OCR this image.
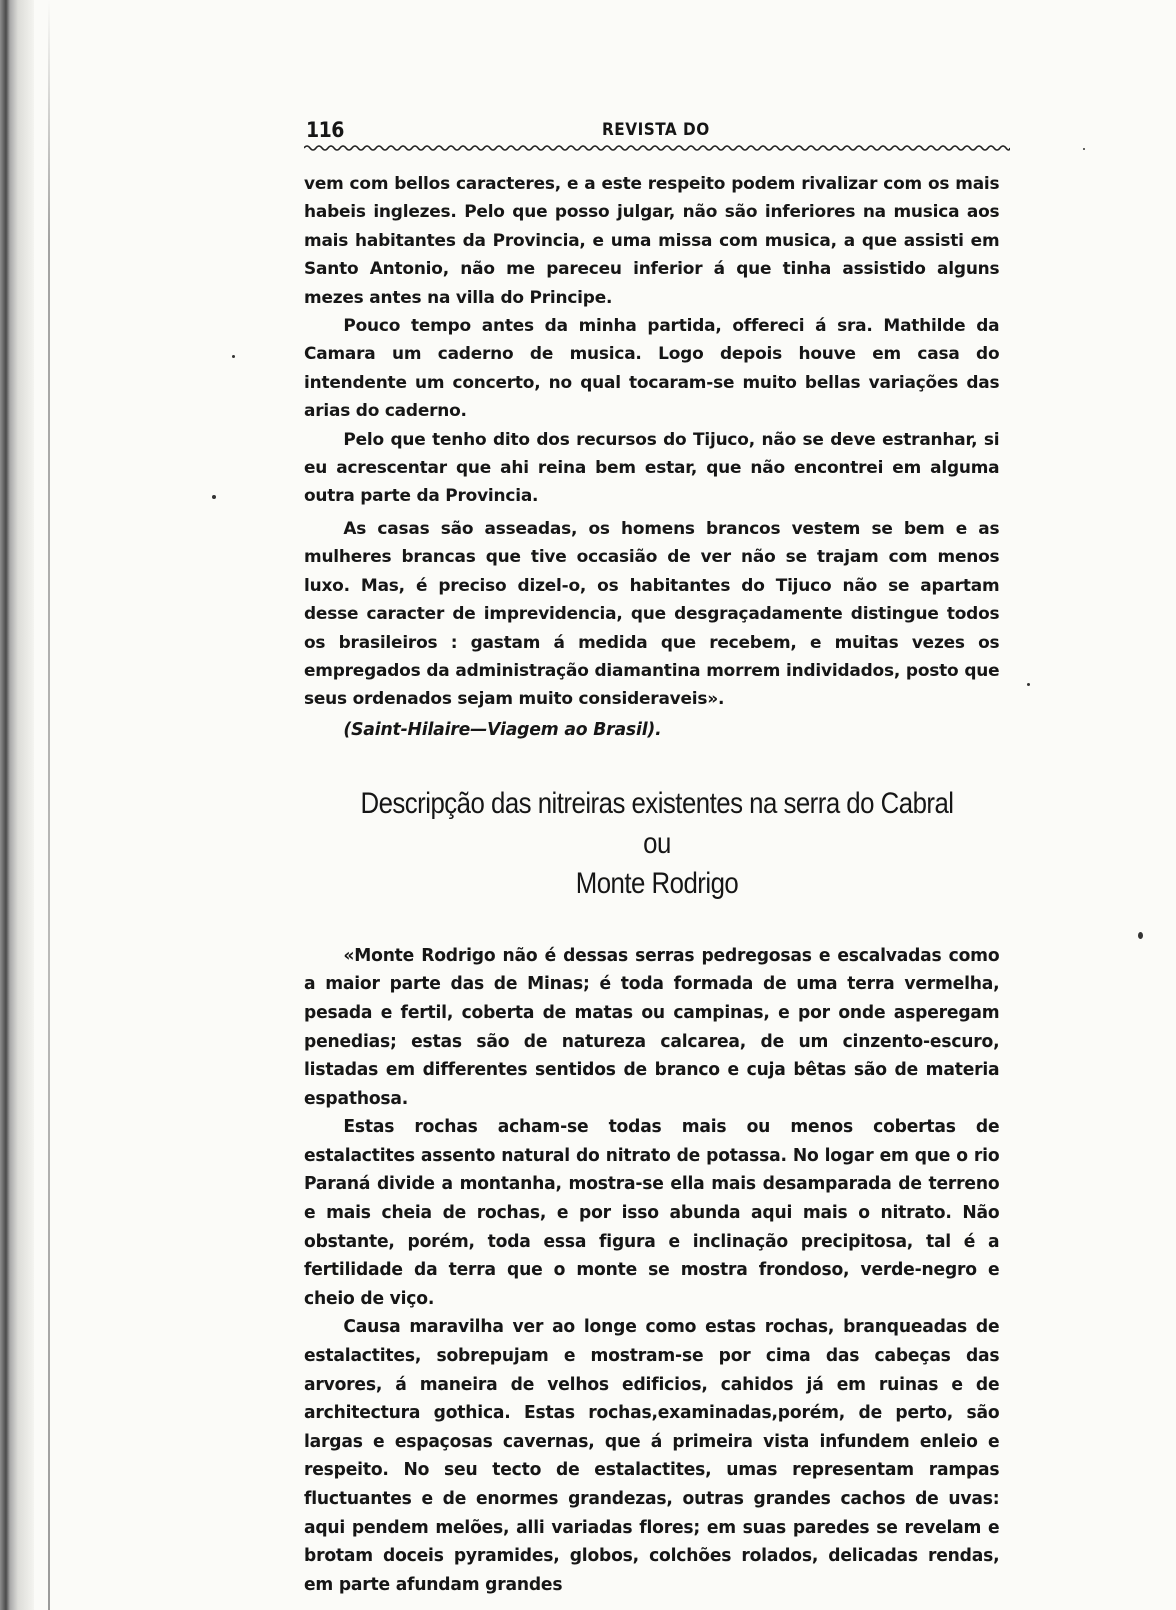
116	REVISTA DO

vem com bellos caracteres, e a este respeito podem rivalizar com os mais habeis inglezes. Pelo que posso julgar, não são inferiores na musica aos mais habitantes da Provincia, e uma missa com musica, a que assisti em Santo Antonio, não me pareceu inferior á que tinha assistido alguns mezes antes na villa do Principe.

Pouco tempo antes da minha partida, offereci á sra. Mathilde da Camara um caderno de musica. Logo depois houve em casa do intendente um concerto, no qual tocaram-se muito bellas variações das arias do caderno.

Pelo que tenho dito dos recursos do Tijuco, não se deve estranhar, si eu acrescentar que ahi reina bem estar, que não encontrei em alguma outra parte da Provincia.

As casas são asseadas, os homens brancos vestem se bem e as mulheres brancas que tive occasião de ver não se trajam com menos luxo. Mas, é preciso dizel-o, os habitantes do Tijuco não se apartam desse caracter de imprevidencia, que desgraçadamente distingue todos os brasileiros : gastam á medida que recebem, e muitas vezes os empregados da administração diamantina morrem individados, posto que seus ordenados sejam muito consideraveis».

(Saint-Hilaire—Viagem ao Brasil).
Descripção das nitreiras existentes na serra do Cabral ou
Monte Rodrigo

«Monte Rodrigo não é dessas serras pedregosas e escalvadas como a maior parte das de Minas; é toda formada de uma terra vermelha, pesada e fertil, coberta de matas ou campinas, e por onde asperegam penedias; estas são de natureza calcarea, de um cinzento-escuro, listadas em differentes sentidos de branco e cuja bêtas são de materia espathosa.

Estas rochas acham-se todas mais ou menos cobertas de estalactites assento natural do nitrato de potassa. No logar em que o rio Paraná divide a montanha, mostra-se ella mais desamparada de terreno e mais cheia de rochas, e por isso abunda aqui mais o nitrato. Não obstante, porém, toda essa figura e inclinação precipitosa, tal é a fertilidade da terra que o monte se mostra frondoso, verde-negro e cheio de viço.

Causa maravilha ver ao longe como estas rochas, branqueadas de estalactites, sobrepujam e mostram-se por cima das cabeças das arvores, á maneira de velhos edificios, cahidos já em ruinas e de architectura gothica. Estas rochas,examinadas,porém, de perto, são largas e espaçosas cavernas, que á primeira vista infundem enleio e respeito. No seu tecto de estalactites, umas representam rampas fluctuantes e de enormes grandezas, outras grandes cachos de uvas: aqui pendem melões, alli variadas flores; em suas paredes se revelam e brotam doceis pyramides, globos, colchões rolados, delicadas rendas, em parte afundam grandes
